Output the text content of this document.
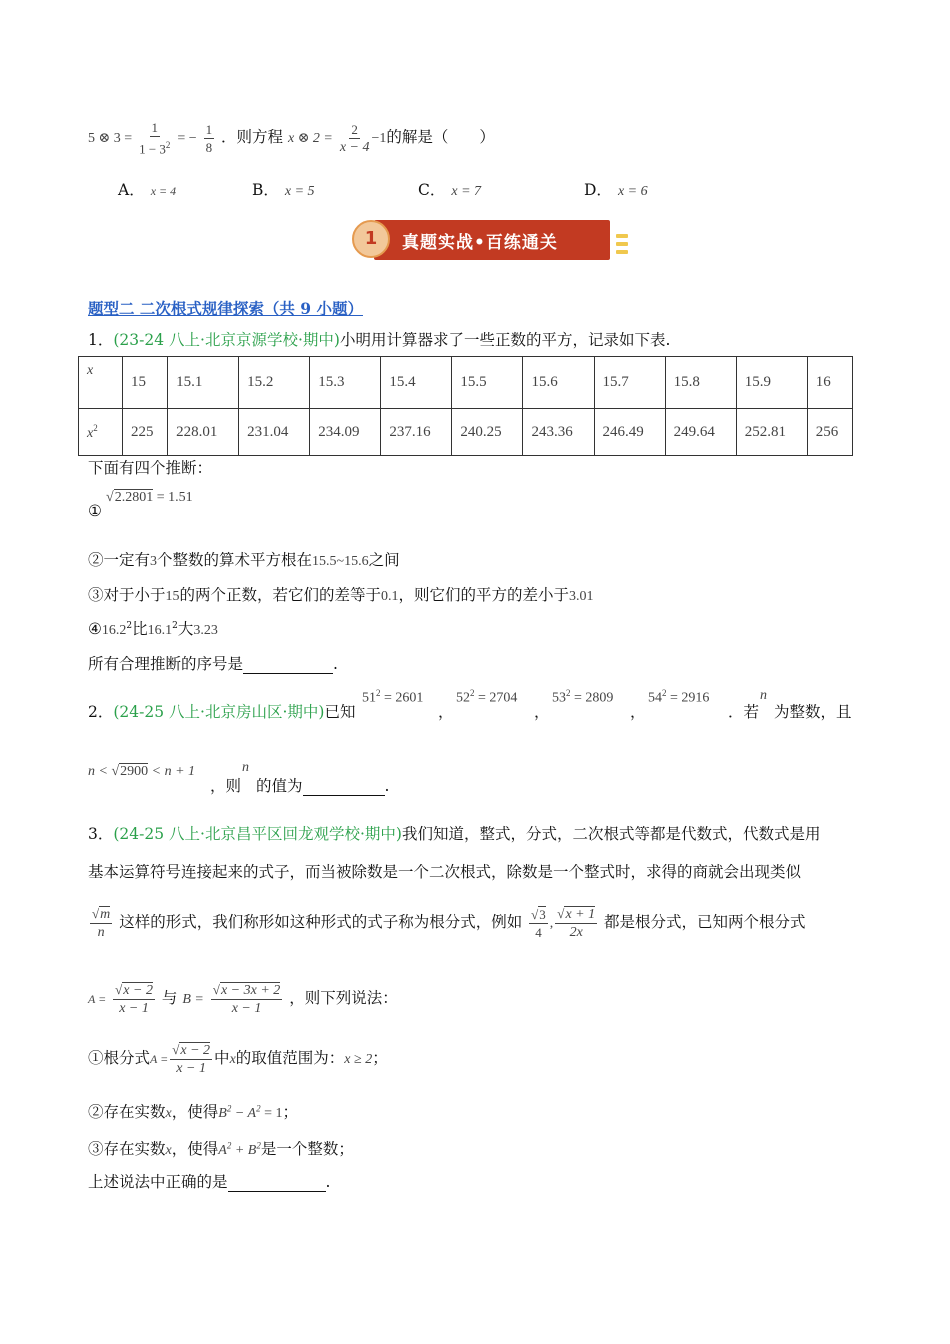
5 ⊗ $3 = \frac{1}{1 - 3^2}$ = − $\frac{1}{8}$ ．则方程 x ⊗ $2 = \frac{2}{x - 4} -1$的解是（　　）
A． x = 4	B． x = 5	C． x = 7	D． x = 6
1	真题实战•百练通关
题型二 二次根式规律探索（共 9 小题）
1．(23-24 八上·北京京源学校·期中)小明用计算器求了一些正数的平方，记录如下表.
x	15	15.1	15.2	15.3	15.4	15.5	15.6	15.7	15.8	15.9	16
$x^2$	225	228.01	231.04	234.09	237.16	240.25	243.36	246.49	249.64	252.81	256
下面有四个推断：
①
√2.2801 = 1.51
②一定有3个整数的算术平方根在15.5~15.6之间
③对于小于15的两个正数，若它们的差等于0.1，则它们的平方的差小于3.01
④16.2$^2$比16.1$^2$大3.23
所有合理推断的序号是	.
2．(24-25 八上·北京房山区·期中)已知
$51^2 = 2601$
，
$52^2 = 2704$
，
$53^2 = 2809$
，
$54^2 = 2916$
．若
n
为整数，且
n < √2900 < n + 1
，则
n
的值为	.
3．(24-25 八上·北京昌平区回龙观学校·期中)我们知道，整式，分式，二次根式等都是代数式，代数式是用
基本运算符号连接起来的式子，而当被除数是一个二次根式，除数是一个整式时，求得的商就会出现类似
$\frac{√m}{n}$ 这样的形式，我们称形如这种形式的式子称为根分式，例如 $\frac{√3}{4}$ , $\frac{√x + 1}{2x}$ 都是根分式，已知两个根分式
$A = \frac{√x - 2}{x - 1}$ 与 $B = \frac{√x - 3x + 2}{x - 1}$ ，则下列说法：
①根分式$A = \frac{√x - 2}{x - 1}$ 中x的取值范围为：x ≥ 2；
②存在实数x，使得$B^2 - A^2 = 1$；
③存在实数x，使得$A^2 + B^2$是一个整数；
上述说法中正确的是	.
